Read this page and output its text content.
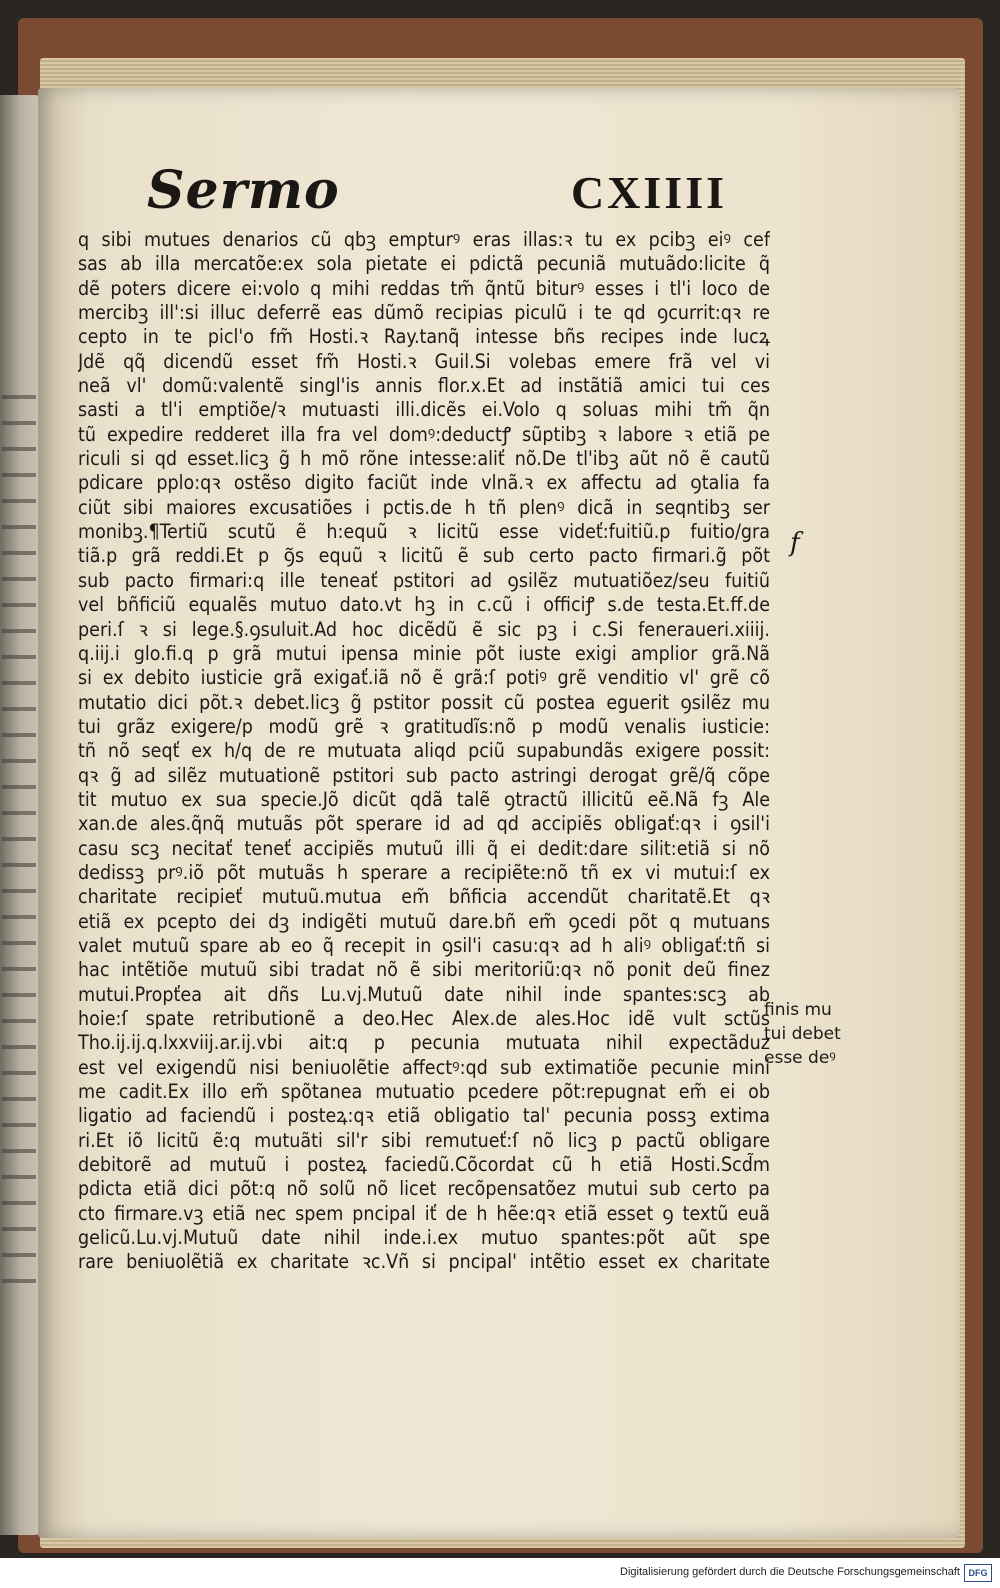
Sermo	CXIIII
q sibi mutues denarios cũ qbꝫ empturꝰ eras illas:ꝛ tu ex pcibꝫ eiꝰ cef
sas ab illa mercatõe:ex sola pietate ei pdictã pecuniã mutuãdo:licite q̃
dẽ poters dicere ei:volo q mihi reddas tm̃ q̃ntũ biturꝰ esses i tl'i loco de
mercibꝫ ill':si illuc deferrẽ eas dũmõ recipias piculũ i te qd ꝯcurrit:qꝛ re
cepto in te picl'o fm̃ Hosti.ꝛ Ray.tanq̃ intesse bñs recipes inde lucꝝ
Jdẽ qq̃ dicendũ esset fm̃ Hosti.ꝛ Guil.Si volebas emere frã vel vi
neã vl' domũ:valentẽ singl'is annis flor.x.Et ad instãtiã amici tui ces
sasti a tl'i emptiõe/ꝛ mutuasti illi.dicẽs ei.Volo q soluas mihi tm̃ q̃n
tũ expedire redderet illa fra vel domꝰ:deductꝭ sũptibꝫ ꝛ labore ꝛ etiã pe
riculi si qd esset.licꝫ g̃ h mõ rõne intesse:aliť nõ.De tl'ibꝫ aũt nõ ẽ cautũ
pdicare pplo:qꝛ ostẽso digito faciũt inde vlnã.ꝛ ex affectu ad ꝯtalia fa
ciũt sibi maiores excusatiões i pctis.de h tñ plenꝰ dicã in seqntibꝫ ser
monibꝫ.¶Tertiũ scutũ ẽ h:equũ ꝛ licitũ esse videť:fuitiũ.p fuitio/gra
tiã.p grã reddi.Et p ꝯ̃s equũ ꝛ licitũ ẽ sub certo pacto firmari.g̃ põt
sub pacto firmari:q ille teneať pstitori ad ꝯsilẽz mutuatiõez/seu fuitiũ
vel bñficiũ equalẽs mutuo dato.vt hꝫ in c.cũ i officiꝭ s.de testa.Et.ff.de
peri.ſ ꝛ si lege.§.ꝯsuluit.Ad hoc dicẽdũ ẽ sic pꝫ i c.Si feneraueri.xiiij.
q.iij.i glo.fi.q p grã mutui ipensa minie põt iuste exigi amplior grã.Nã
si ex debito iusticie grã exigať.iã nõ ẽ grã:ſ potiꝰ grẽ venditio vl' grẽ cõ
mutatio dici põt.ꝛ debet.licꝫ g̃ pstitor possit cũ postea eguerit ꝯsilẽz mu
tui grãz exigere/p modũ grẽ ꝛ gratitudĩs:nõ p modũ venalis iusticie:
tñ nõ seqť ex h/q de re mutuata aliqd pciũ supabundãs exigere possit:
qꝛ g̃ ad silẽz mutuationẽ pstitori sub pacto astringi derogat grẽ/q̃ cõpe
tit mutuo ex sua specie.Jõ dicũt qdã talẽ ꝯtractũ illicitũ eẽ.Nã fꝫ Ale
xan.de ales.q̃nq̃ mutuãs põt sperare id ad qd accipiẽs obligať:qꝛ i ꝯsil'i
casu scꝫ necitať teneť accipiẽs mutuũ illi q̃ ei dedit:dare silit:etiã si nõ
dedissꝫ prꝰ.iõ põt mutuãs h sperare a recipiẽte:nõ tñ ex vi mutui:ſ ex
charitate recipieť mutuũ.mutua em̃ bñficia accendũt charitatẽ.Et qꝛ
etiã ex pcepto dei dꝫ indigẽti mutuũ dare.bñ em̃ ꝯcedi põt q mutuans
valet mutuũ spare ab eo q̃ recepit in ꝯsil'i casu:qꝛ ad h aliꝰ obligať:tñ si
hac intẽtiõe mutuũ sibi tradat nõ ẽ sibi meritoriũ:qꝛ nõ ponit deũ finez
mutui.Propťea ait dñs Lu.vj.Mutuũ date nihil inde spantes:scꝫ ab
hoie:ſ spate retributionẽ a deo.Hec Alex.de ales.Hoc idẽ vult sctũs
Tho.ij.ij.q.lxxviij.ar.ij.vbi ait:q p pecunia mutuata nihil expectãduz
est vel exigendũ nisi beniuolẽtie affectꝰ:qd sub extimatiõe pecunie mini
me cadit.Ex illo em̃ spõtanea mutuatio pcedere põt:repugnat em̃ ei ob
ligatio ad faciendũ i posteꝝ:qꝛ etiã obligatio tal' pecunia possꝫ extima
ri.Et iõ licitũ ẽ:q mutuãti sil'r sibi remutueť:ſ nõ licꝫ p pactũ obligare
debitorẽ ad mutuũ i posteꝝ faciedũ.Cõcordat cũ h etiã Hosti.Scd̃m
pdicta etiã dici põt:q nõ solũ nõ licet recõpensatõez mutui sub certo pa
cto firmare.vꝫ etiã nec spem pncipal iť de h hẽe:qꝛ etiã esset ꝯ textũ euã
gelicũ.Lu.vj.Mutuũ date nihil inde.i.ex mutuo spantes:põt aũt spe
rare beniuolẽtiã ex charitate ꝛc.Vñ si pncipal' intẽtio esset ex charitate
f
finis mu
tui debet
esse deꝰ
Digitalisierung gefördert durch die Deutsche Forschungsgemeinschaft DFG
